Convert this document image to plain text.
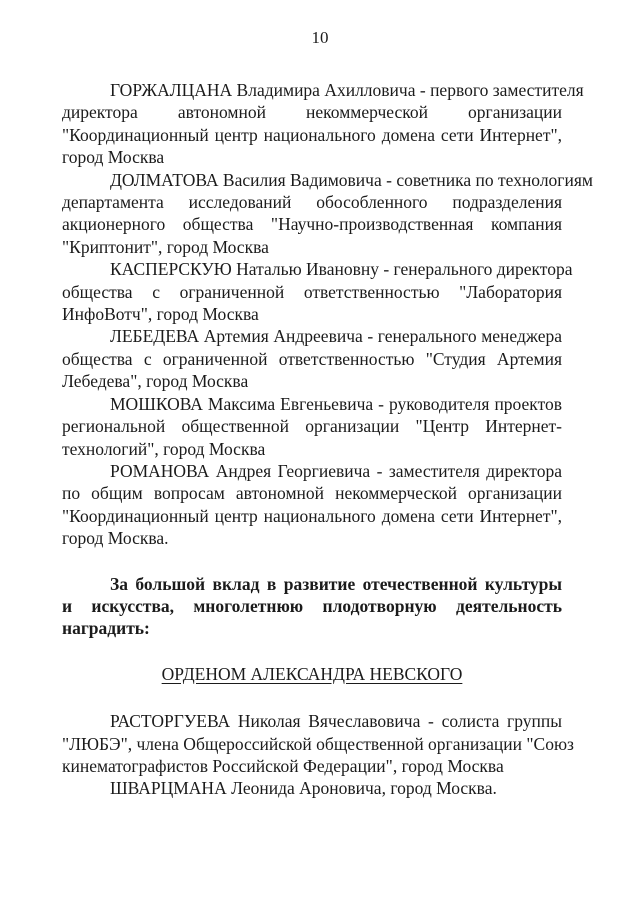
10
ГОРЖАЛЦАНА Владимира Ахилловича - первого заместителя
директора автономной некоммерческой организации
"Координационный центр национального домена сети Интернет",
город Москва
ДОЛМАТОВА Василия Вадимовича - советника по технологиям
департамента исследований обособленного подразделения
акционерного общества "Научно-производственная компания
"Криптонит", город Москва
КАСПЕРСКУЮ Наталью Ивановну - генерального директора
общества с ограниченной ответственностью "Лаборатория
ИнфоВотч", город Москва
ЛЕБЕДЕВА Артемия Андреевича - генерального менеджера
общества с ограниченной ответственностью "Студия Артемия
Лебедева", город Москва
МОШКОВА Максима Евгеньевича - руководителя проектов
региональной общественной организации "Центр Интернет-
технологий", город Москва
РОМАНОВА Андрея Георгиевича - заместителя директора
по общим вопросам автономной некоммерческой организации
"Координационный центр национального домена сети Интернет",
город Москва.
За большой вклад в развитие отечественной культуры
и искусства, многолетнюю плодотворную деятельность
наградить:
ОРДЕНОМ АЛЕКСАНДРА НЕВСКОГО
РАСТОРГУЕВА Николая Вячеславовича - солиста группы
"ЛЮБЭ", члена Общероссийской общественной организации "Союз
кинематографистов Российской Федерации", город Москва
ШВАРЦМАНА Леонида Ароновича, город Москва.
